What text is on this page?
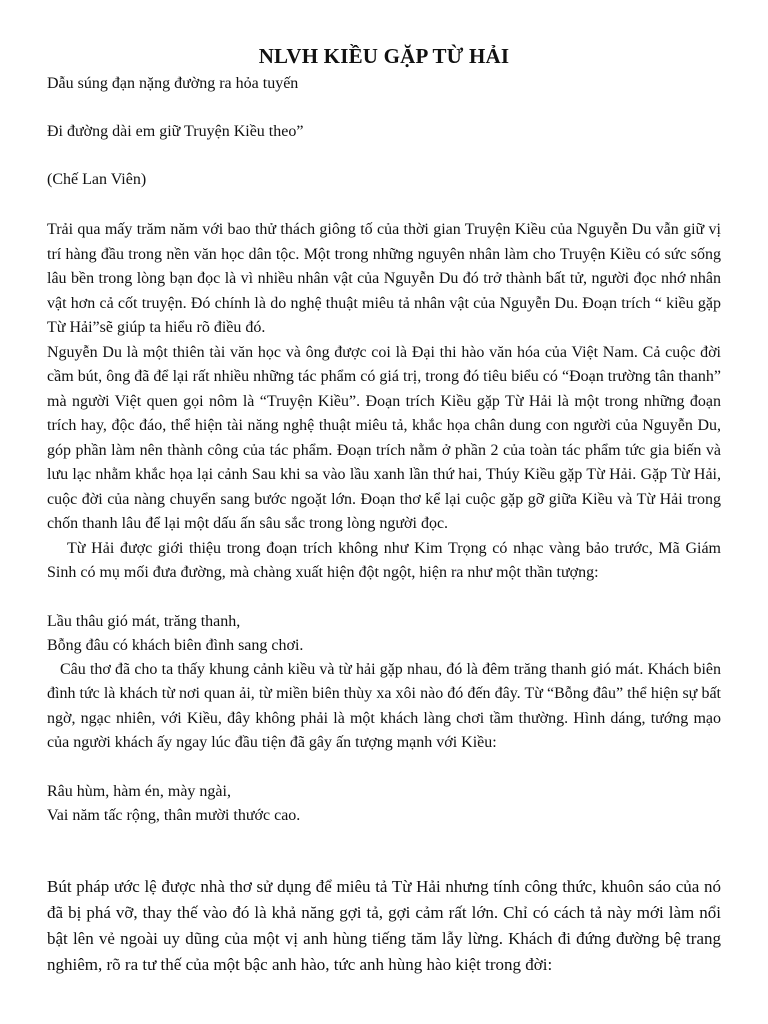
NLVH KIỀU GẶP TỪ HẢI

Dẫu súng đạn nặng đường ra hỏa tuyến

Đi đường dài em giữ Truyện Kiều theo”

(Chế Lan Viên)

Trải qua mấy trăm năm với bao thử thách giông tố của thời gian Truyện Kiều của Nguyễn Du vẫn giữ vị trí hàng đầu trong nền văn học dân tộc. Một trong những nguyên nhân làm cho Truyện Kiều có sức sống lâu bền trong lòng bạn đọc là vì nhiều nhân vật của Nguyễn Du đó trở thành bất tử, người đọc nhớ nhân vật hơn cả cốt truyện. Đó chính là do nghệ thuật miêu tả nhân vật của Nguyễn Du. Đoạn trích “ kiều gặp Từ Hải”sẽ giúp ta hiểu rõ điều đó.

Nguyễn Du là một thiên tài văn học và ông được coi là Đại thi hào văn hóa của Việt Nam. Cả cuộc đời cầm bút, ông đã để lại rất nhiều những tác phẩm có giá trị, trong đó tiêu biểu có “Đoạn trường tân thanh” mà người Việt quen gọi nôm là “Truyện Kiều”. Đoạn trích Kiều gặp Từ Hải là một trong những đoạn trích hay, độc đáo, thể hiện tài năng nghệ thuật miêu tả, khắc họa chân dung con người của Nguyễn Du, góp phần làm nên thành công của tác phẩm. Đoạn trích nằm ở phần 2 của toàn tác phẩm tức gia biến và lưu lạc nhằm khắc họa lại cảnh Sau khi sa vào lầu xanh lần thứ hai, Thúy Kiều gặp Từ Hải. Gặp Từ Hải, cuộc đời của nàng chuyển sang bước ngoặt lớn. Đoạn thơ kể lại cuộc gặp gỡ giữa Kiều và Từ Hải trong chốn thanh lâu để lại một dấu ấn sâu sắc trong lòng người đọc.

Từ Hải được giới thiệu trong đoạn trích không như Kim Trọng có nhạc vàng bảo trước, Mã Giám Sinh có mụ mối đưa đường, mà chàng xuất hiện đột ngột, hiện ra như một thần tượng:

Lầu thâu gió mát, trăng thanh,

Bỗng đâu có khách biên đình sang chơi.

Câu thơ đã cho ta thấy khung cảnh kiều và từ hải gặp nhau, đó là đêm trăng thanh gió mát. Khách biên đình tức là khách từ nơi quan ải, từ miền biên thùy xa xôi nào đó đến đây. Từ “Bỗng đâu” thể hiện sự bất ngờ, ngạc nhiên, với Kiều, đây không phải là một khách làng chơi tầm thường. Hình dáng, tướng mạo của người khách ấy ngay lúc đầu tiện đã gây ấn tượng mạnh với Kiều:

Râu hùm, hàm én, mày ngài,

Vai năm tấc rộng, thân mười thước cao.

Bút pháp ước lệ được nhà thơ sử dụng để miêu tả Từ Hải nhưng tính công thức, khuôn sáo của nó đã bị phá vỡ, thay thế vào đó là khả năng gợi tả, gợi cảm rất lớn. Chỉ có cách tả này mới làm nổi bật lên vẻ ngoài uy dũng của một vị anh hùng tiếng tăm lẫy lừng. Khách đi đứng đường bệ trang nghiêm, rõ ra tư thế của một bậc anh hào, tức anh hùng hào kiệt trong đời:
